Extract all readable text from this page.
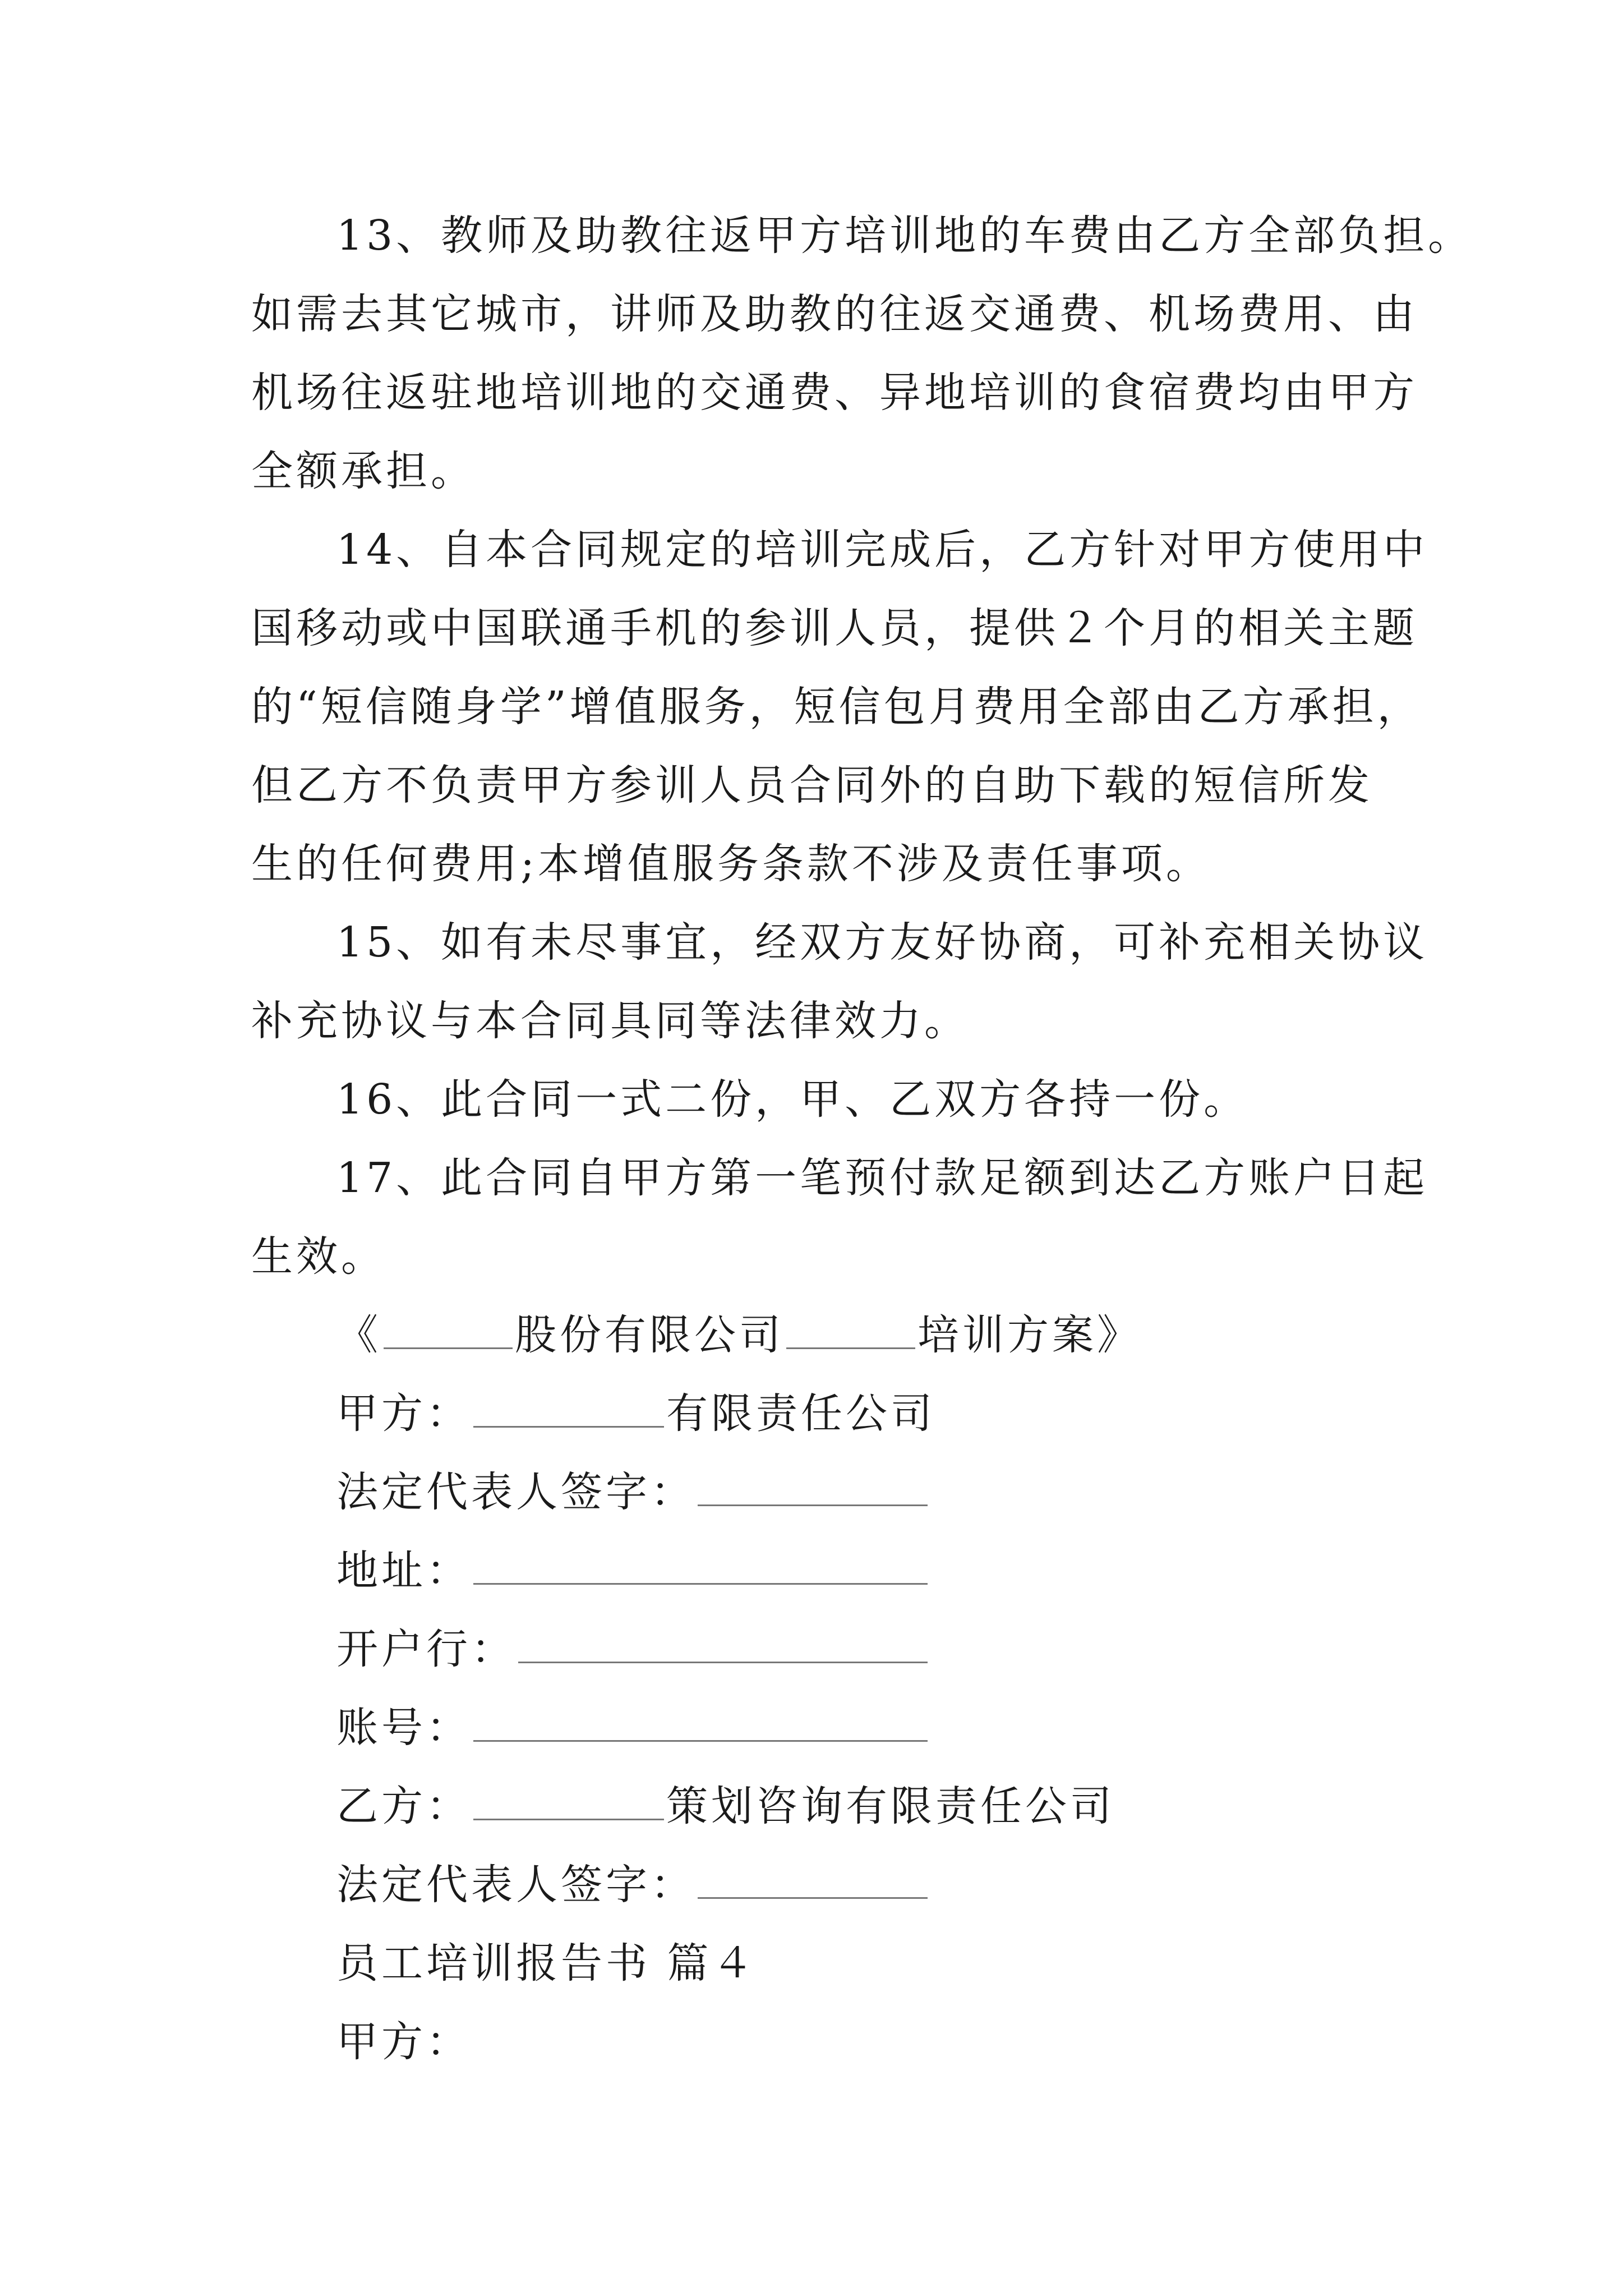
13、教师及助教往返甲方培训地的车费由乙方全部负担。
如需去其它城市，讲师及助教的往返交通费、机场费用、由
机场往返驻地培训地的交通费、异地培训的食宿费均由甲方
全额承担。
14、自本合同规定的培训完成后，乙方针对甲方使用中
国移动或中国联通手机的参训人员，提供２个月的相关主题
的“短信随身学”增值服务，短信包月费用全部由乙方承担，
但乙方不负责甲方参训人员合同外的自助下载的短信所发
生的任何费用;本增值服务条款不涉及责任事项。
15、如有未尽事宜，经双方友好协商，可补充相关协议
补充协议与本合同具同等法律效力。
16、此合同一式二份，甲、乙双方各持一份。
17、此合同自甲方第一笔预付款足额到达乙方账户日起
生效。
《	股份有限公司	培训方案》
甲方：	有限责任公司
法定代表人签字：
地址：
开户行：
账号：
乙方：	策划咨询有限责任公司
法定代表人签字：
员工培训报告书 篇４
甲方：
